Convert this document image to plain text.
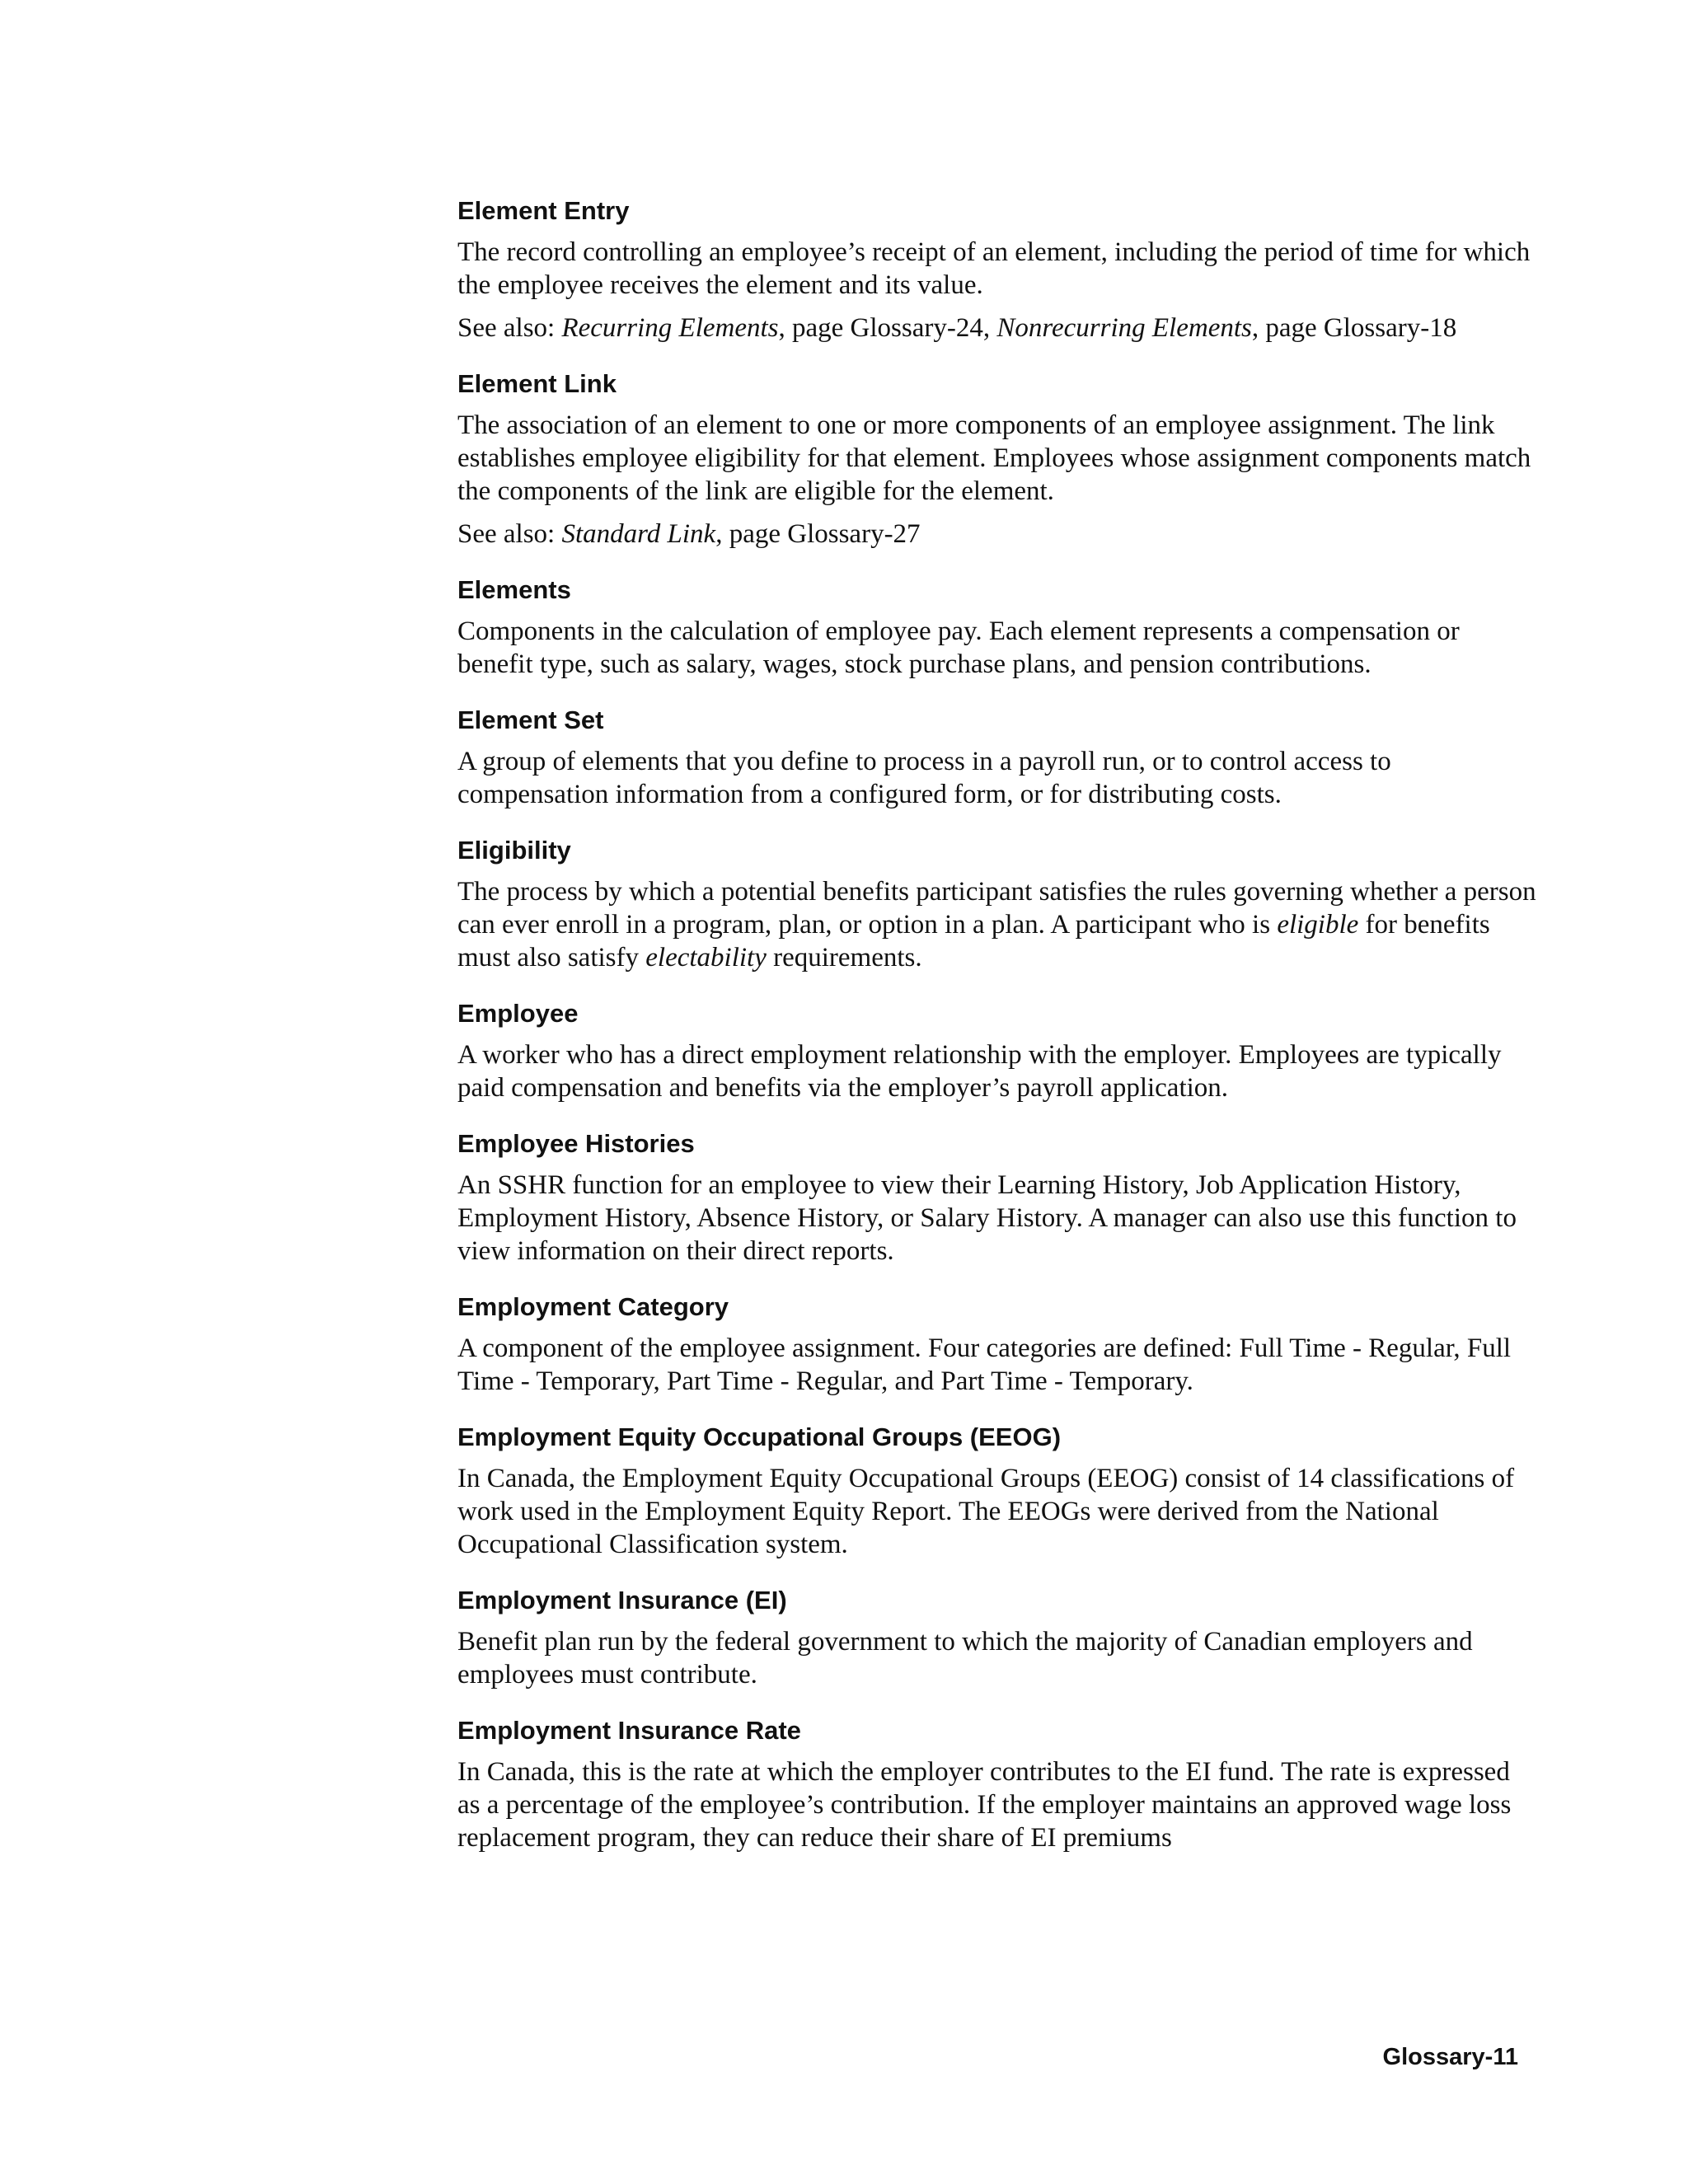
Element Entry

The record controlling an employee’s receipt of an element, including the period of time for which the employee receives the element and its value.

See also: Recurring Elements, page Glossary-24, Nonrecurring Elements, page Glossary-18

Element Link

The association of an element to one or more components of an employee assignment. The link establishes employee eligibility for that element. Employees whose assignment components match the components of the link are eligible for the element.

See also: Standard Link, page Glossary-27

Elements

Components in the calculation of employee pay. Each element represents a compensation or benefit type, such as salary, wages, stock purchase plans, and pension contributions.

Element Set

A group of elements that you define to process in a payroll run, or to control access to compensation information from a configured form, or for distributing costs.

Eligibility

The process by which a potential benefits participant satisfies the rules governing whether a person can ever enroll in a program, plan, or option in a plan. A participant who is eligible for benefits must also satisfy electability requirements.

Employee

A worker who has a direct employment relationship with the employer. Employees are typically paid compensation and benefits via the employer’s payroll application.

Employee Histories

An SSHR function for an employee to view their Learning History, Job Application History, Employment History, Absence History, or Salary History. A manager can also use this function to view information on their direct reports.

Employment Category

A component of the employee assignment. Four categories are defined: Full Time - Regular, Full Time - Temporary, Part Time - Regular, and Part Time - Temporary.

Employment Equity Occupational Groups (EEOG)

In Canada, the Employment Equity Occupational Groups (EEOG) consist of 14 classifications of work used in the Employment Equity Report. The EEOGs were derived from the National Occupational Classification system.

Employment Insurance (EI)

Benefit plan run by the federal government to which the majority of Canadian employers and employees must contribute.

Employment Insurance Rate

In Canada, this is the rate at which the employer contributes to the EI fund. The rate is expressed as a percentage of the employee’s contribution. If the employer maintains an approved wage loss replacement program, they can reduce their share of EI premiums

Glossary-11
